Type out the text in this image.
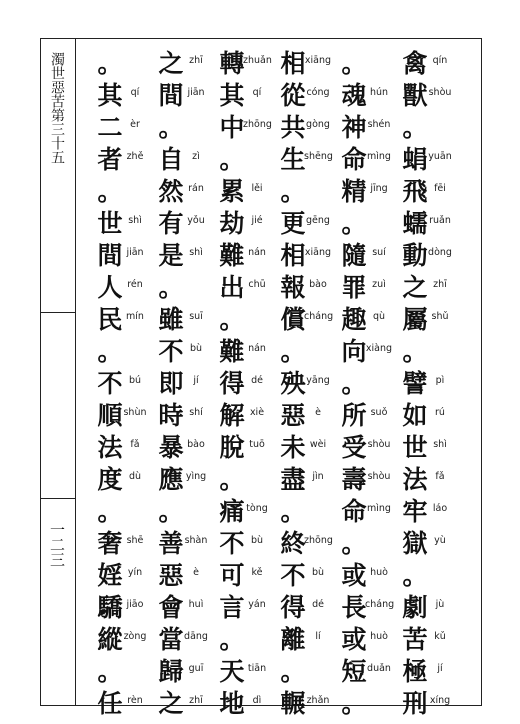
濁世惡苦第三十五
一二三
禽 qín
獸 shòu
。
蜎 yuān
飛 fēi
蠕 ruǎn
動 dòng
之 zhī
屬 shǔ
。
譬 pì
如 rú
世 shì
法 fǎ
牢 láo
獄 yù
。
劇 jù
苦 kǔ
極	jí
刑 xíng
。
魂 hún
神 shén
命 mìng
精 jīng
。
隨 suí
罪 zuì
趣 qù
向 xiàng
。
所 suǒ
受 shòu
壽 shòu
命 mìng
。
或 huò
長
cháng
或 huò
短 duǎn
。
相 xiāng
從 cóng
共 gòng
生
shēng
。
更 gēng
相 xiāng
報 bào
償
cháng
。
殃 yāng
惡	è
未 wèi
盡 jìn
。
終
zhōng
不 bù
得 dé
離	lí
。
輾 zhǎn
轉
zhuǎn
其 qí
中
zhōng
。
累 lěi
劫 jié
難 nán
出 chū
。
難 nán
得 dé
解 xiè
脫 tuō
。
痛 tòng
不 bù
可 kě
言 yán
。
天 tiān
地 dì
之 zhī
間 jiān
。
自 zì
然 rán
有 yǒu
是 shì
。
雖 suī
不 bù
即	jí
時 shí
暴 bào
應 yìng
。
善 shàn
惡	è
會 huì
當 dāng
歸 guī
之 zhī
。
其 qí
二 èr
者 zhě
。
世 shì
間 jiān
人 rén
民 mín
。
不 bú
順 shùn
法 fǎ
度 dù
。
奢 shē
婬 yín
驕 jiāo
縱 zòng
。
任 rèn
